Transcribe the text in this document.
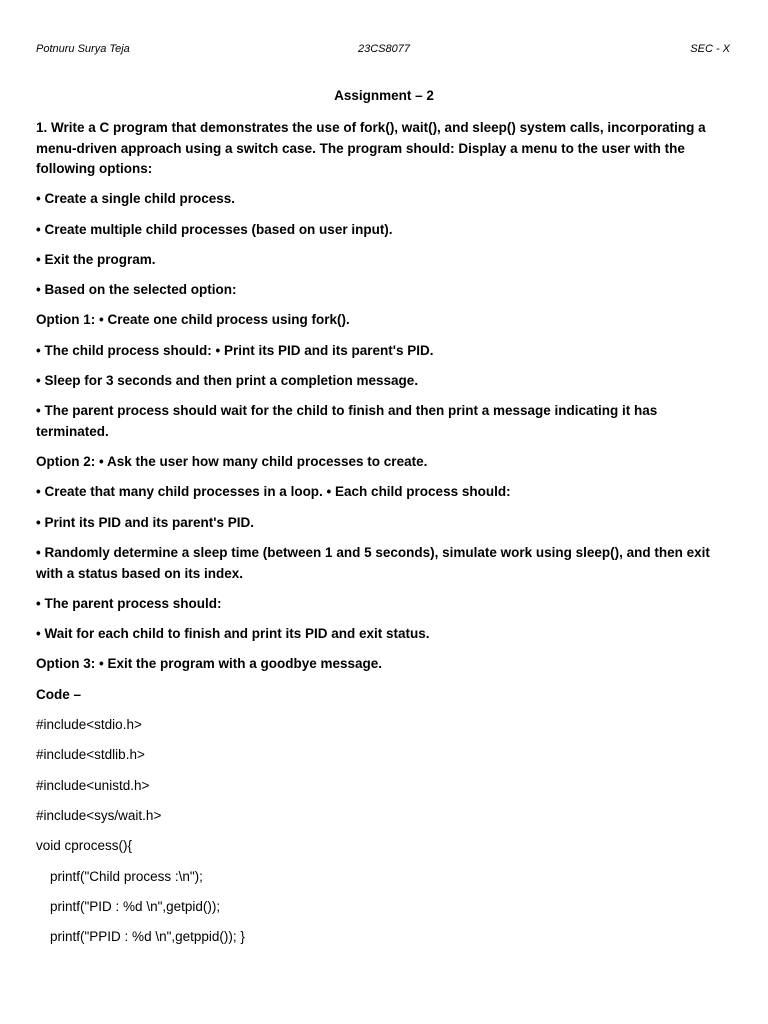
Potnuru Surya Teja	23CS8077	SEC - X
Assignment – 2

1. Write a C program that demonstrates the use of fork(), wait(), and sleep() system calls, incorporating a menu-driven approach using a switch case. The program should: Display a menu to the user with the following options:

• Create a single child process.

• Create multiple child processes (based on user input).

• Exit the program.

• Based on the selected option:

Option 1: • Create one child process using fork().

• The child process should: • Print its PID and its parent's PID.

• Sleep for 3 seconds and then print a completion message.

• The parent process should wait for the child to finish and then print a message indicating it has terminated.

Option 2: • Ask the user how many child processes to create.

• Create that many child processes in a loop. • Each child process should:

• Print its PID and its parent's PID.

• Randomly determine a sleep time (between 1 and 5 seconds), simulate work using sleep(), and then exit with a status based on its index.

• The parent process should:

• Wait for each child to finish and print its PID and exit status.

Option 3: • Exit the program with a goodbye message.

Code –

#include<stdio.h>

#include<stdlib.h>

#include<unistd.h>

#include<sys/wait.h>

void cprocess(){

printf("Child process :\n");

printf("PID : %d \n",getpid());

printf("PPID : %d \n",getppid()); }
